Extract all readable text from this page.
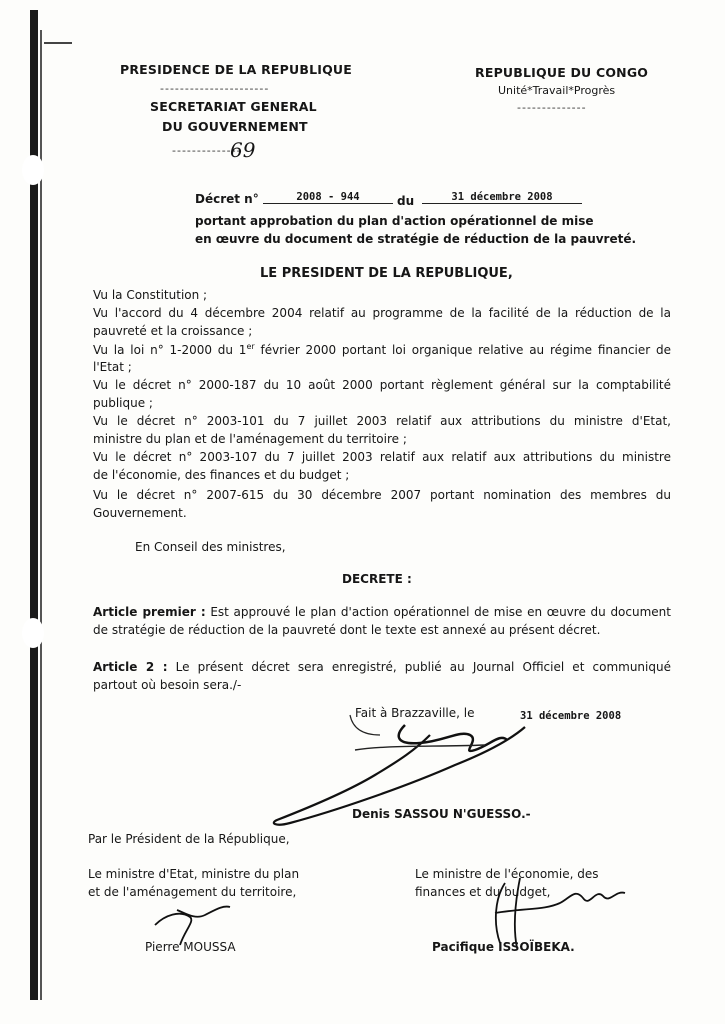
PRESIDENCE DE LA REPUBLIQUE
----------------------
SECRETARIAT GENERAL
DU GOUVERNEMENT
--------------
69
REPUBLIQUE DU CONGO
Unité*Travail*Progrès
--------------
Décret n°	2008 - 944	du	31 décembre 2008
portant approbation du plan d'action opérationnel de mise
en œuvre du document de stratégie de réduction de la pauvreté.
LE PRESIDENT DE LA REPUBLIQUE,
Vu la Constitution ;
Vu l'accord du 4 décembre 2004 relatif au programme de la facilité de la réduction de la
pauvreté et la croissance ;
Vu la loi n° 1-2000 du 1er février 2000 portant loi organique relative au régime financier de
l'Etat ;
Vu le décret n° 2000-187 du 10 août 2000 portant règlement général sur la comptabilité
publique ;
Vu le décret n° 2003-101 du 7 juillet 2003 relatif aux attributions du ministre d'Etat,
ministre du plan et de l'aménagement du territoire ;
Vu le décret n° 2003-107 du 7 juillet 2003 relatif aux relatif aux attributions du ministre
de l'économie, des finances et du budget ;
Vu le décret n° 2007-615 du 30 décembre 2007 portant nomination des membres du
Gouvernement.
En Conseil des ministres,
DECRETE :
Article premier : Est approuvé le plan d'action opérationnel de mise en œuvre du document
de stratégie de réduction de la pauvreté dont le texte est annexé au présent décret.
Article 2 : Le présent décret sera enregistré, publié au Journal Officiel et communiqué
partout où besoin sera./-
Fait à Brazzaville, le	31 décembre 2008
Denis SASSOU N'GUESSO.-
Par le Président de la République,
Le ministre d'Etat, ministre du plan
et de l'aménagement du territoire,
Le ministre de l'économie, des
finances et du budget,
Pierre MOUSSA	Pacifique ISSOÏBEKA.
